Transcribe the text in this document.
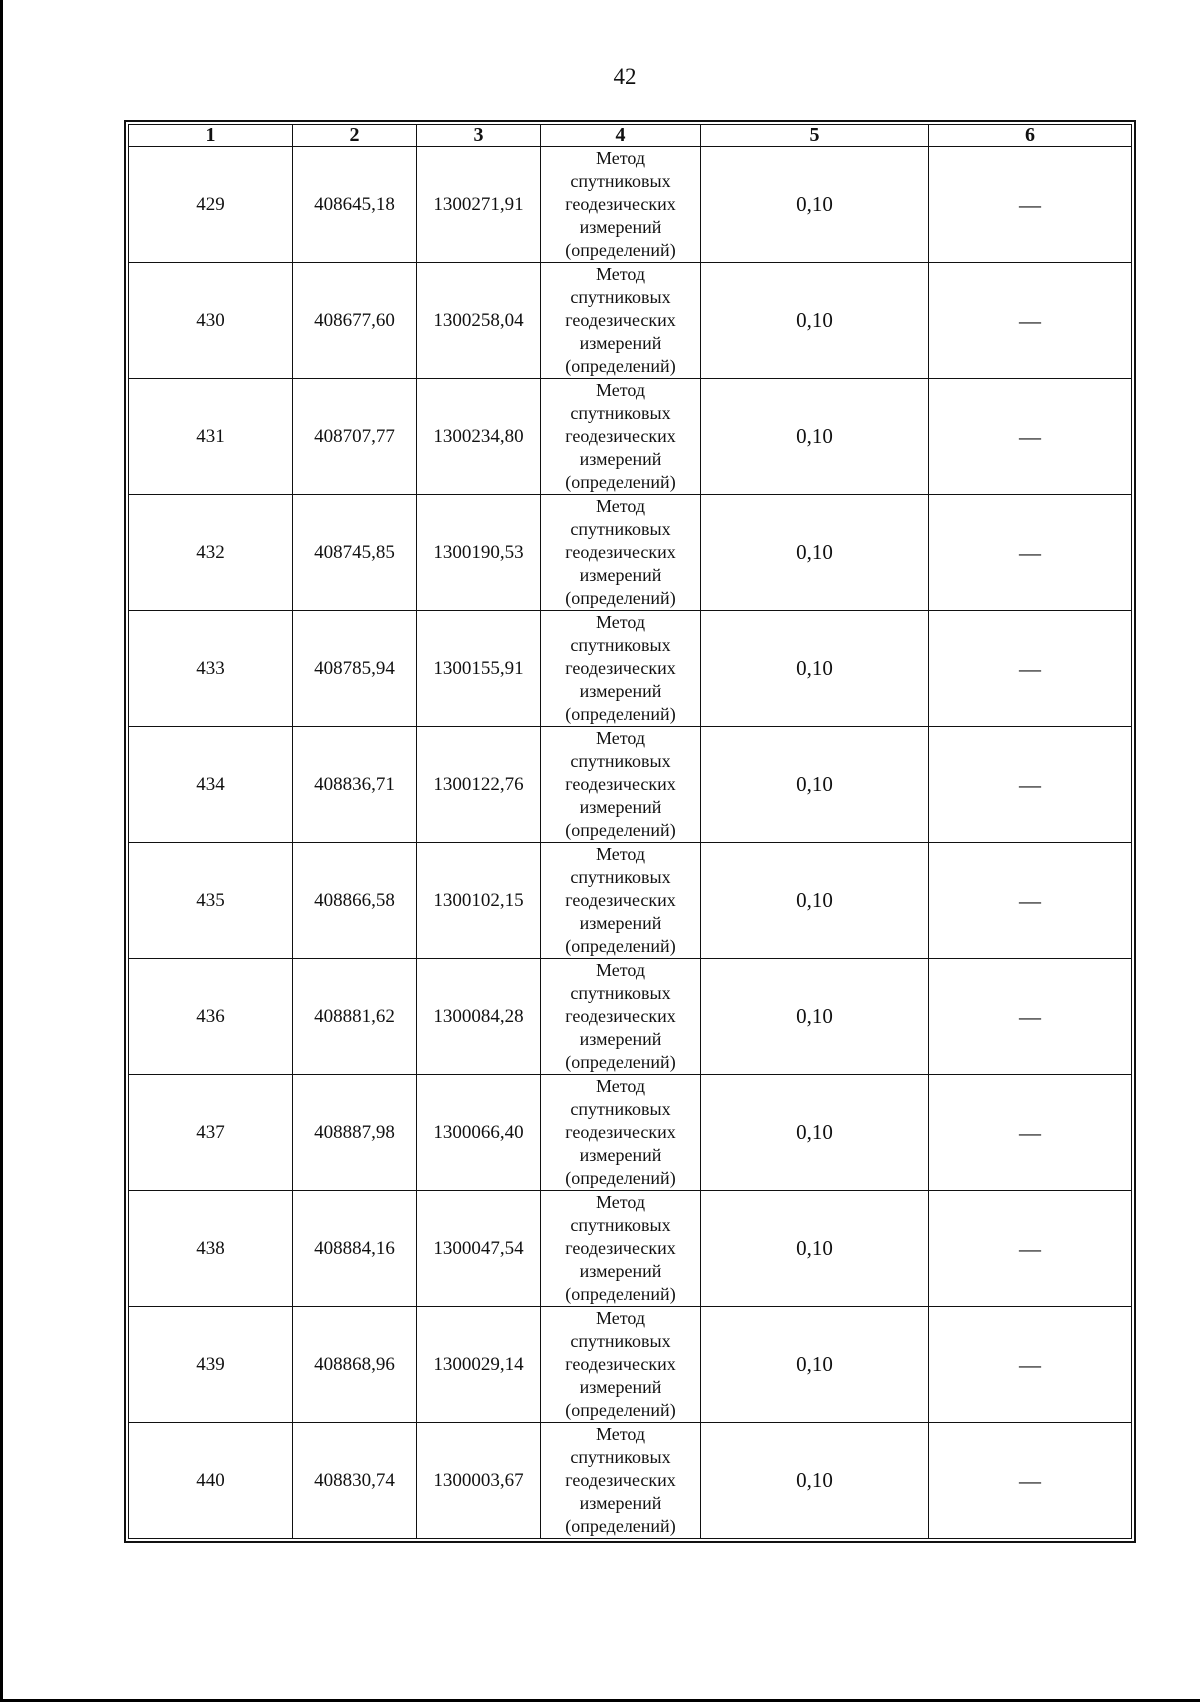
42
1	2	3	4	5	6
429	408645,18	1300271,91	Метод
спутниковых
геодезических
измерений
(определений)	0,10	—
430	408677,60	1300258,04	Метод
спутниковых
геодезических
измерений
(определений)	0,10	—
431	408707,77	1300234,80	Метод
спутниковых
геодезических
измерений
(определений)	0,10	—
432	408745,85	1300190,53	Метод
спутниковых
геодезических
измерений
(определений)	0,10	—
433	408785,94	1300155,91	Метод
спутниковых
геодезических
измерений
(определений)	0,10	—
434	408836,71	1300122,76	Метод
спутниковых
геодезических
измерений
(определений)	0,10	—
435	408866,58	1300102,15	Метод
спутниковых
геодезических
измерений
(определений)	0,10	—
436	408881,62	1300084,28	Метод
спутниковых
геодезических
измерений
(определений)	0,10	—
437	408887,98	1300066,40	Метод
спутниковых
геодезических
измерений
(определений)	0,10	—
438	408884,16	1300047,54	Метод
спутниковых
геодезических
измерений
(определений)	0,10	—
439	408868,96	1300029,14	Метод
спутниковых
геодезических
измерений
(определений)	0,10	—
440	408830,74	1300003,67	Метод
спутниковых
геодезических
измерений
(определений)	0,10	—
